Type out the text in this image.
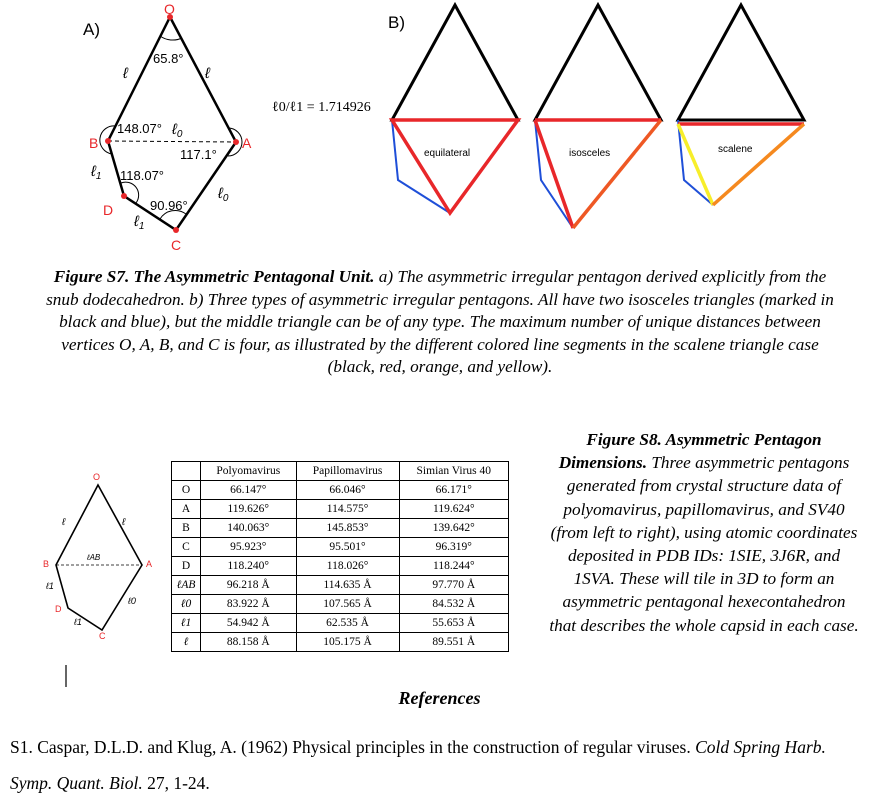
A)
O
A
B
C
D
65.8°
148.07°
117.1°
118.07°
90.96°
ℓ	ℓ
ℓ$_0$
ℓ$_0$
ℓ$_1$
ℓ$_1$
ℓ0/ℓ1 = 1.714926
B)
equilateral	isosceles	scalene
Figure S7. The Asymmetric Pentagonal Unit. a) The asymmetric irregular pentagon derived explicitly from the snub dodecahedron. b) Three types of asymmetric irregular pentagons. All have two isosceles triangles (marked in black and blue), but the middle triangle can be of any type. The maximum number of unique distances between vertices O, A, B, and C is four, as illustrated by the different colored line segments in the scalene triangle case (black, red, orange, and yellow).
O
A
B
C
D
ℓ	ℓ
ℓAB
ℓ0
ℓ1
ℓ1
	Polyomavirus	Papillomavirus	Simian Virus 40
O	66.147°	66.046°	66.171°
A	119.626°	114.575°	119.624°
B	140.063°	145.853°	139.642°
C	95.923°	95.501°	96.319°
D	118.240°	118.026°	118.244°
ℓAB	96.218 Å	114.635 Å	97.770 Å
ℓ0	83.922 Å	107.565 Å	84.532 Å
ℓ1	54.942 Å	62.535 Å	55.653 Å
ℓ	88.158 Å	105.175 Å	89.551 Å
Figure S8. Asymmetric Pentagon Dimensions. Three asymmetric pentagons generated from crystal structure data of polyomavirus, papillomavirus, and SV40 (from left to right), using atomic coordinates deposited in PDB IDs: 1SIE, 3J6R, and 1SVA. These will tile in 3D to form an asymmetric pentagonal hexecontahedron that describes the whole capsid in each case.
References
S1. Caspar, D.L.D. and Klug, A. (1962) Physical principles in the construction of regular viruses. Cold Spring Harb. Symp. Quant. Biol. 27, 1-24.
